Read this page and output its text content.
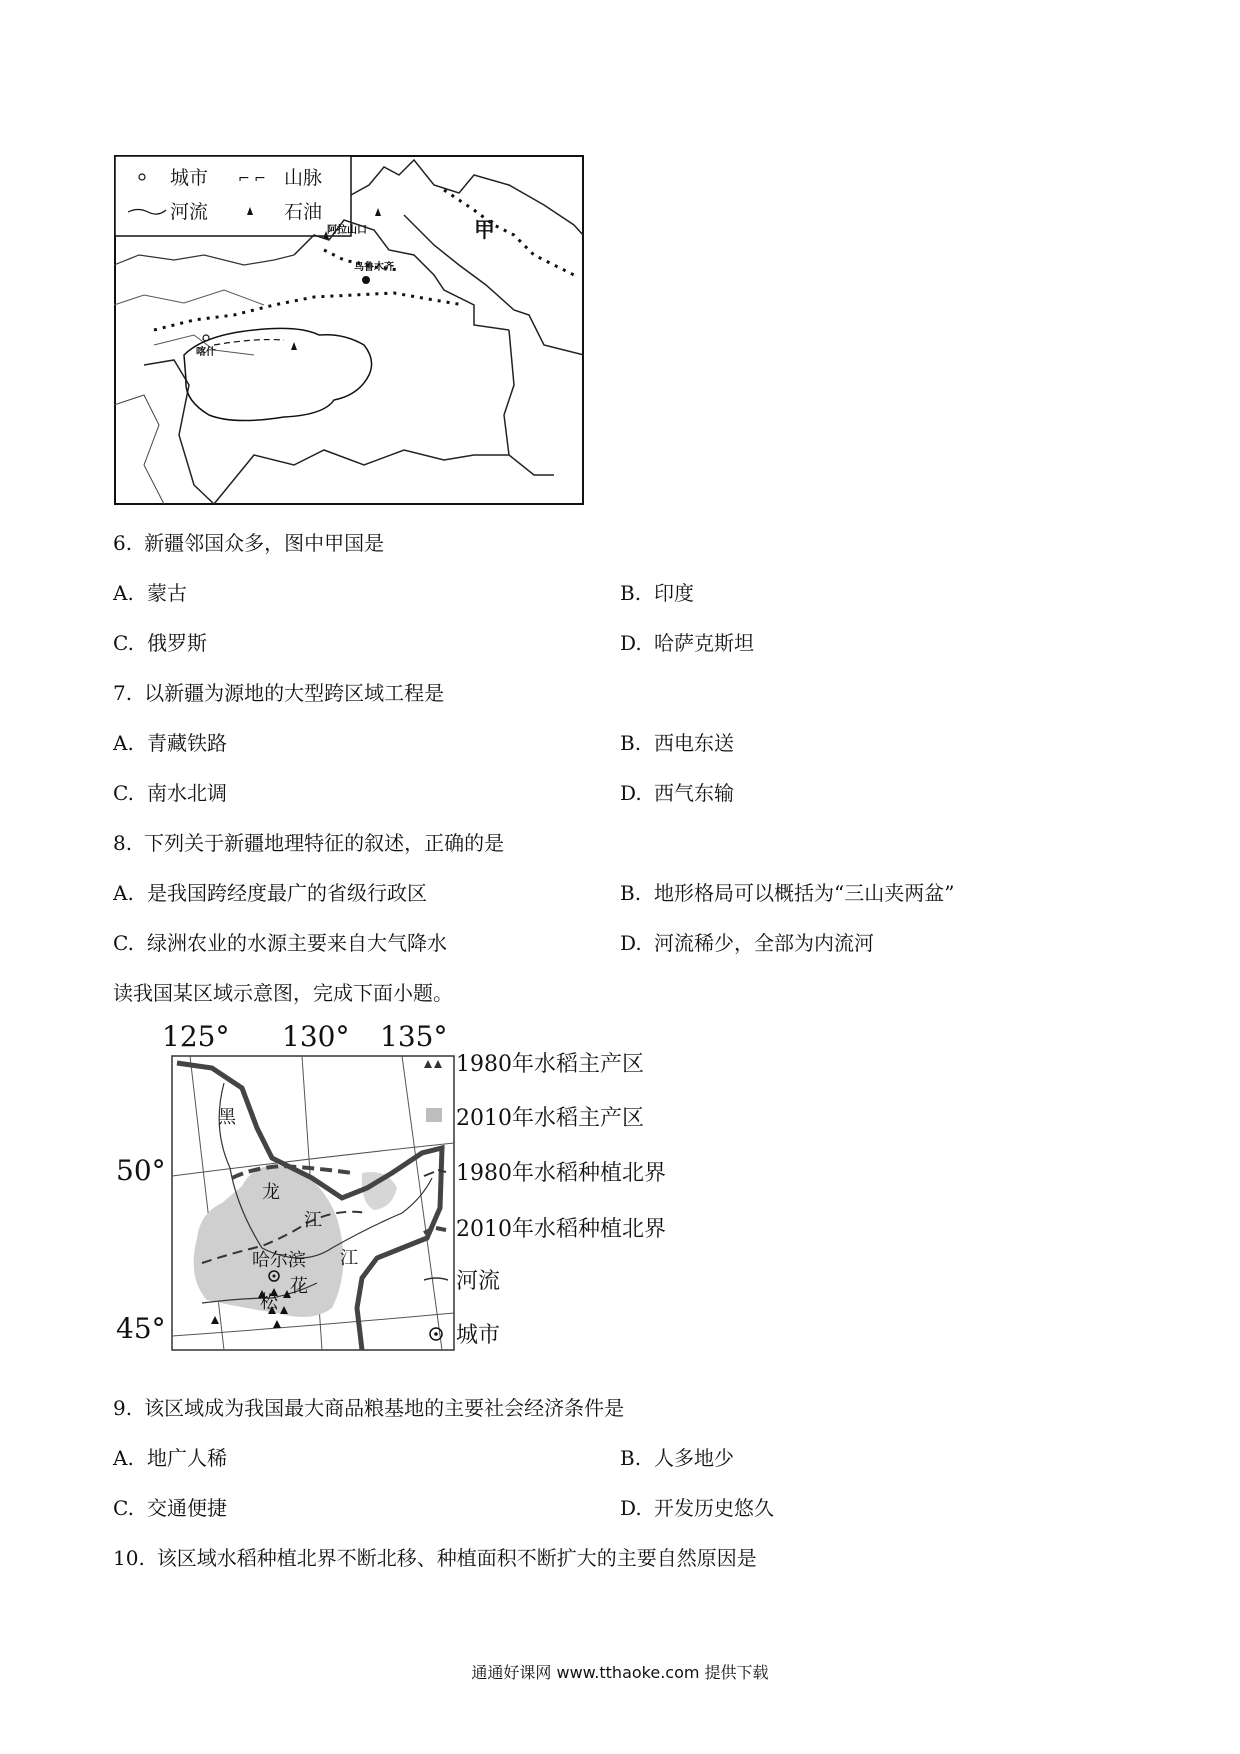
城市 ⌐ ⌐ 山脉
河流	石油
甲
阿拉山口
乌鲁木齐
喀什
6. 新疆邻国众多，图中甲国是
A. 蒙古	B. 印度
C. 俄罗斯	D. 哈萨克斯坦
7. 以新疆为源地的大型跨区域工程是
A. 青藏铁路	B. 西电东送
C. 南水北调	D. 西气东输
8. 下列关于新疆地理特征的叙述，正确的是
A. 是我国跨经度最广的省级行政区	B. 地形格局可以概括为“三山夹两盆”
C. 绿洲农业的水源主要来自大气降水	D. 河流稀少，全部为内流河
读我国某区域示意图，完成下面小题。
125° 130° 135°
50°
45°
黑
龙
江
江
哈尔滨
花
松
1980年水稻主产区
2010年水稻主产区
1980年水稻种植北界
2010年水稻种植北界
河流
城市
9. 该区域成为我国最大商品粮基地的主要社会经济条件是
A. 地广人稀	B. 人多地少
C. 交通便捷	D. 开发历史悠久
10. 该区域水稻种植北界不断北移、种植面积不断扩大的主要自然原因是
通通好课网 www.tthaoke.com 提供下载
